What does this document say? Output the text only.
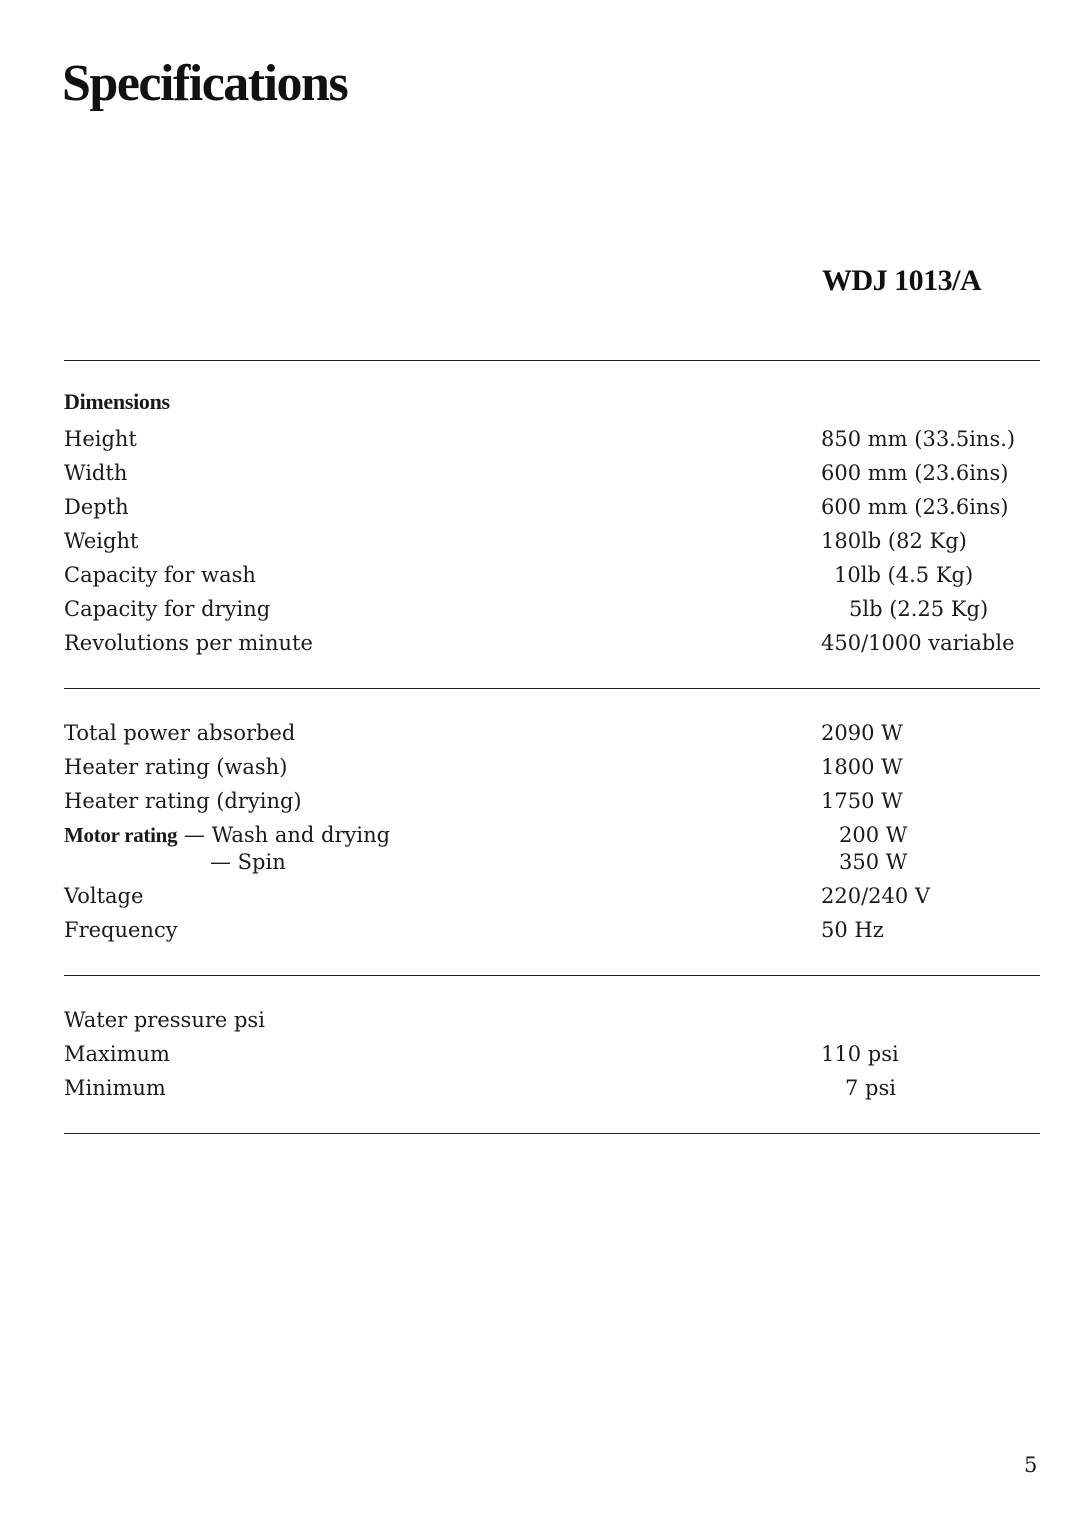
Specifications
WDJ 1013/A
Dimensions
Height	850 mm (33.5ins.)
Width	600 mm (23.6ins)
Depth	600 mm (23.6ins)
Weight	180lb (82 Kg)
Capacity for wash	10lb (4.5 Kg)
Capacity for drying	5lb (2.25 Kg)
Revolutions per minute	450/1000 variable
Total power absorbed	2090 W
Heater rating (wash)	1800 W
Heater rating (drying)	1750 W
Motor rating — Wash and drying	200 W
— Spin	350 W
Voltage	220/240 V
Frequency	50 Hz
Water pressure psi
Maximum	110 psi
Minimum	7 psi
5
